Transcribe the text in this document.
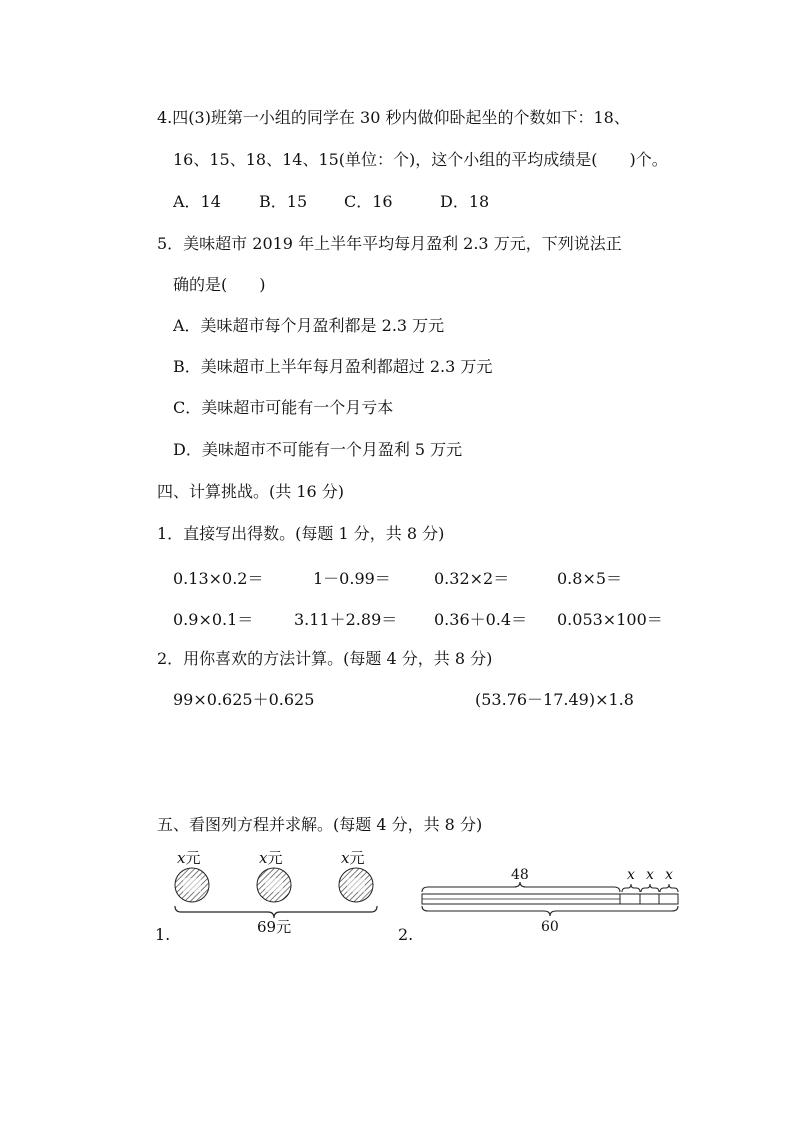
4.四(3)班第一小组的同学在 30 秒内做仰卧起坐的个数如下：18、
16、15、18、14、15(单位：个)，这个小组的平均成绩是(　　)个。
A．14 B．15 C．16	D．18
5．美味超市 2019 年上半年平均每月盈利 2.3 万元，下列说法正
确的是(　　)
A．美味超市每个月盈利都是 2.3 万元
B．美味超市上半年每月盈利都超过 2.3 万元
C．美味超市可能有一个月亏本
D．美味超市不可能有一个月盈利 5 万元
四、计算挑战。(共 16 分)
1．直接写出得数。(每题 1 分，共 8 分)
0.13×0.2＝	1－0.99＝	0.32×2＝	0.8×5＝
0.9×0.1＝	3.11＋2.89＝ 0.36＋0.4＝ 0.053×100＝
2．用你喜欢的方法计算。(每题 4 分，共 8 分)
99×0.625＋0.625	(53.76－17.49)×1.8
五、看图列方程并求解。(每题 4 分，共 8 分)
x元	x元	x元
69元
1.
48	x x x
60
2.
